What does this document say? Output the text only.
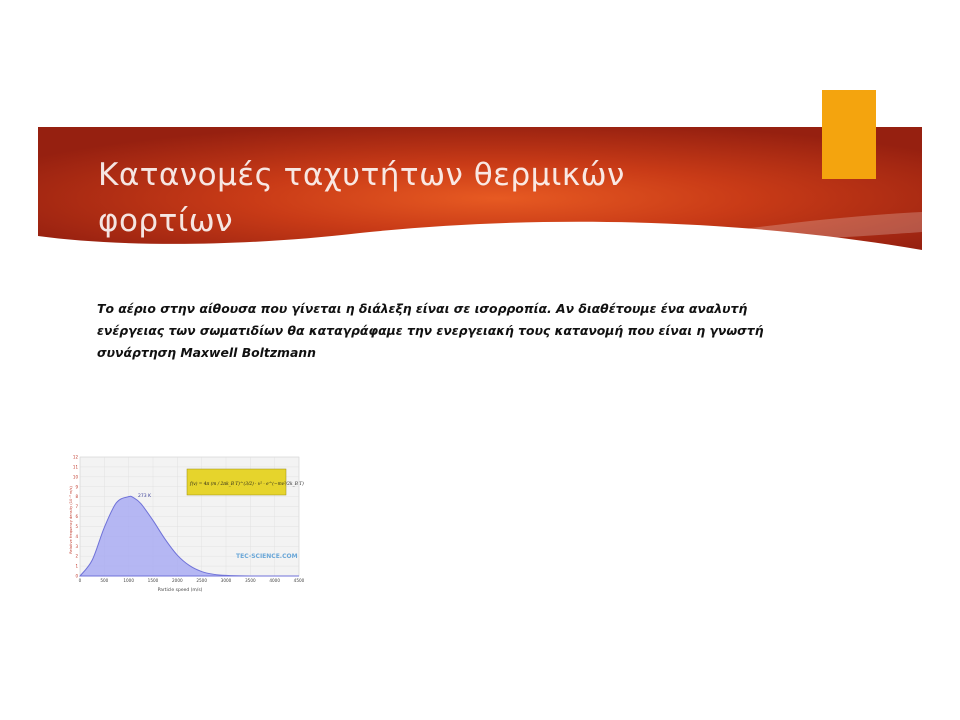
Κατανομές ταχυτήτων θερμικών
φορτίων

Το αέριο στην αίθουσα που γίνεται η διάλεξη είναι σε ισορροπία. Αν διαθέτουμε ένα αναλυτή ενέργειας των σωματιδίων θα καταγράφαμε την ενεργειακή τους κατανομή που είναι η γνωστή συνάρτηση Maxwell Boltzmann

0
1
2
3
4
5
6
7
8
9
10
11
12
0	500	1000	1500	2000	2500	3000	3500	4000	4500
273 K
f(v) = 4π (m / 2πk_B T)^(3/2) · v² · e^(−mv²/2k_B T)
TEC-SCIENCE.COM
Particle speed (m/s)
Relative frequency density (10⁻⁴ m/s)
